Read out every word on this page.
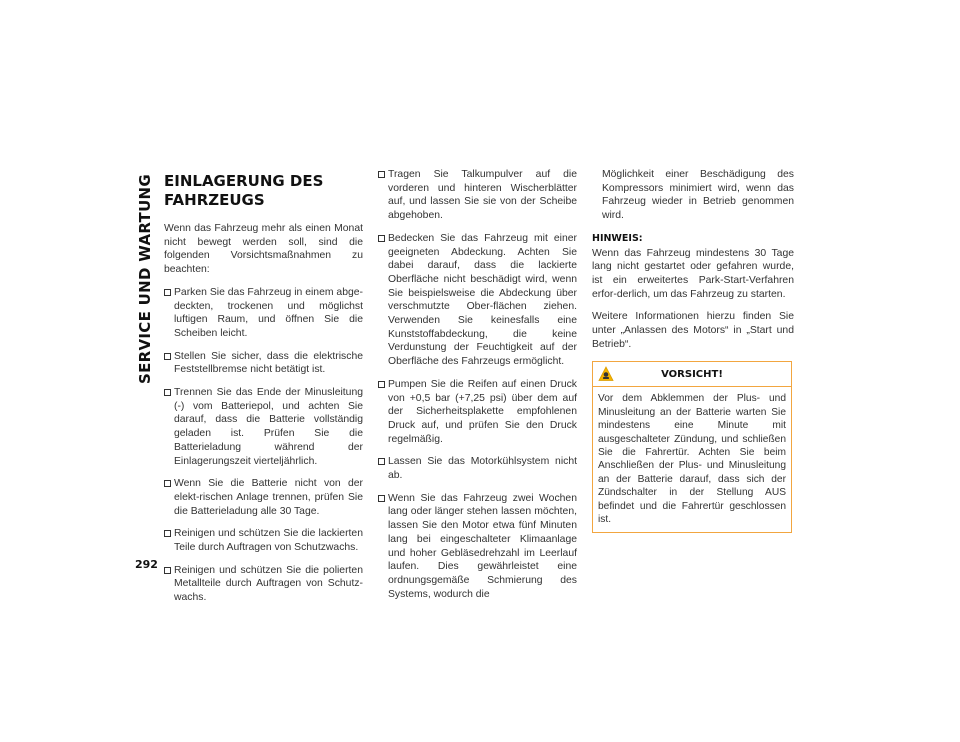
SERVICE UND WARTUNG
292
EINLAGERUNG DES FAHRZEUGS

Wenn das Fahrzeug mehr als einen Monat nicht bewegt werden soll, sind die folgenden Vorsichtsmaßnahmen zu beachten:

Parken Sie das Fahrzeug in einem abge-deckten, trockenen und möglichst luftigen Raum, und öffnen Sie die Scheiben leicht.
Stellen Sie sicher, dass die elektrische Feststellbremse nicht betätigt ist.
Trennen Sie das Ende der Minusleitung (-) vom Batteriepol, und achten Sie darauf, dass die Batterie vollständig geladen ist. Prüfen Sie die Batterieladung während der Einlagerungszeit vierteljährlich.
Wenn Sie die Batterie nicht von der elekt-rischen Anlage trennen, prüfen Sie die Batterieladung alle 30 Tage.
Reinigen und schützen Sie die lackierten Teile durch Auftragen von Schutzwachs.
Reinigen und schützen Sie die polierten Metallteile durch Auftragen von Schutz-wachs.
Tragen Sie Talkumpulver auf die vorderen und hinteren Wischerblätter auf, und lassen Sie sie von der Scheibe abgehoben.
Bedecken Sie das Fahrzeug mit einer geeigneten Abdeckung. Achten Sie dabei darauf, dass die lackierte Oberfläche nicht beschädigt wird, wenn Sie beispielsweise die Abdeckung über verschmutzte Ober-flächen ziehen. Verwenden Sie keinesfalls eine Kunststoffabdeckung, die keine Verdunstung der Feuchtigkeit auf der Oberfläche des Fahrzeugs ermöglicht.
Pumpen Sie die Reifen auf einen Druck von +0,5 bar (+7,25 psi) über dem auf der Sicherheitsplakette empfohlenen Druck auf, und prüfen Sie den Druck regelmäßig.
Lassen Sie das Motorkühlsystem nicht ab.
Wenn Sie das Fahrzeug zwei Wochen lang oder länger stehen lassen möchten, lassen Sie den Motor etwa fünf Minuten lang bei eingeschalteter Klimaanlage und hoher Gebläsedrehzahl im Leerlauf laufen. Dies gewährleistet eine ordnungsgemäße Schmierung des Systems, wodurch die
Möglichkeit einer Beschädigung des Kompressors minimiert wird, wenn das Fahrzeug wieder in Betrieb genommen wird.
HINWEIS:

Wenn das Fahrzeug mindestens 30 Tage lang nicht gestartet oder gefahren wurde, ist ein erweitertes Park-Start-Verfahren erfor-derlich, um das Fahrzeug zu starten.

Weitere Informationen hierzu finden Sie unter „Anlassen des Motors“ in „Start und Betrieb“.

VORSICHT!
Vor dem Abklemmen der Plus- und Minusleitung an der Batterie warten Sie mindestens eine Minute mit ausgeschalteter Zündung, und schließen Sie die Fahrertür. Achten Sie beim Anschließen der Plus- und Minusleitung an der Batterie darauf, dass sich der Zündschalter in der Stellung AUS befindet und die Fahrertür geschlossen ist.
